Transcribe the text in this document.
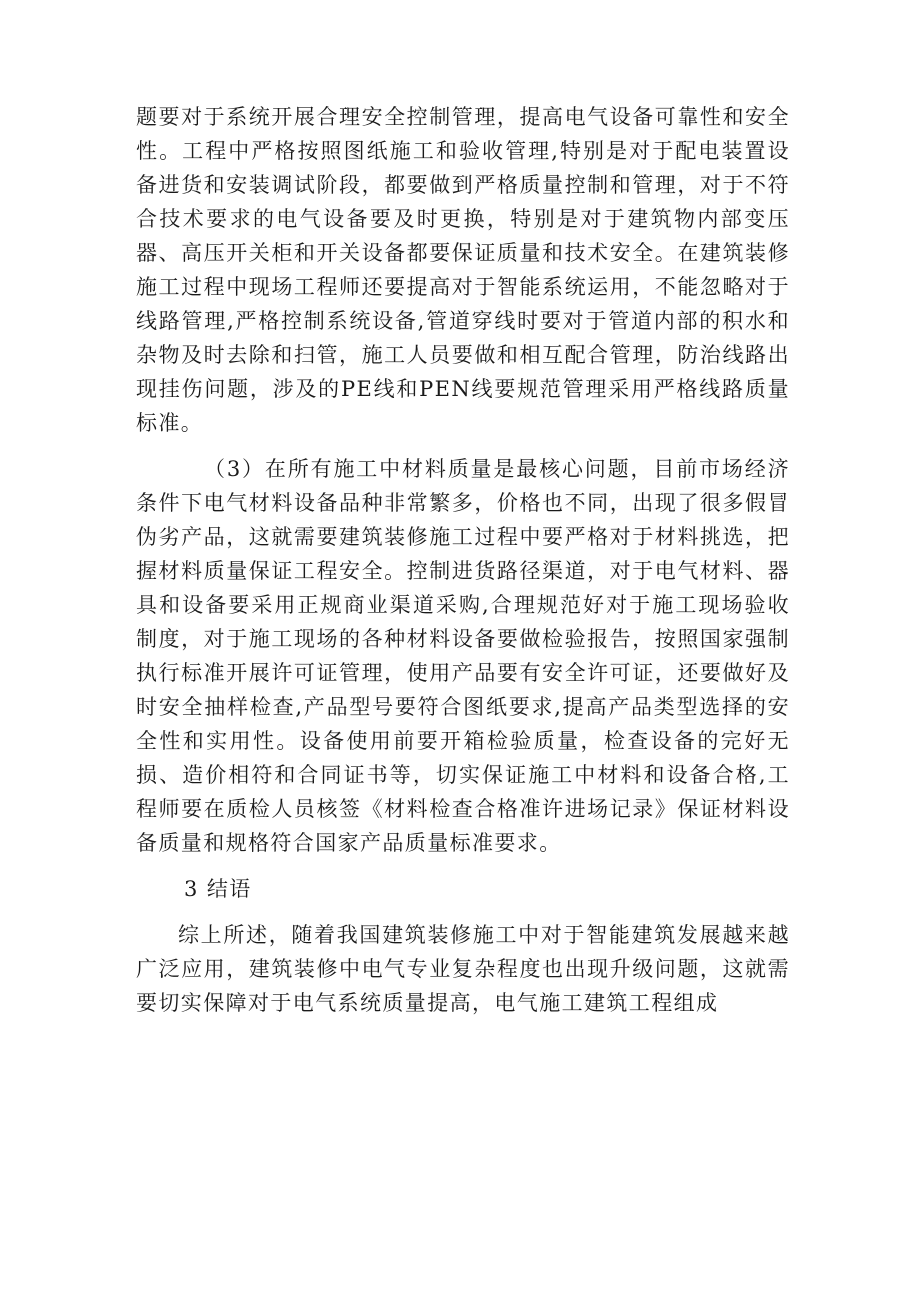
题要对于系统开展合理安全控制管理，提高电气设备可靠性和安全性。工程中严格按照图纸施工和验收管理,特别是对于配电装置设备进货和安装调试阶段，都要做到严格质量控制和管理，对于不符合技术要求的电气设备要及时更换，特别是对于建筑物内部变压器、高压开关柜和开关设备都要保证质量和技术安全。在建筑装修施工过程中现场工程师还要提高对于智能系统运用，不能忽略对于线路管理,严格控制系统设备,管道穿线时要对于管道内部的积水和杂物及时去除和扫管，施工人员要做和相互配合管理，防治线路出现挂伤问题，涉及的PE线和PEN线要规范管理采用严格线路质量标准。

（3）在所有施工中材料质量是最核心问题，目前市场经济条件下电气材料设备品种非常繁多，价格也不同，出现了很多假冒伪劣产品，这就需要建筑装修施工过程中要严格对于材料挑选，把握材料质量保证工程安全。控制进货路径渠道，对于电气材料、器具和设备要采用正规商业渠道采购,合理规范好对于施工现场验收制度，对于施工现场的各种材料设备要做检验报告，按照国家强制执行标准开展许可证管理，使用产品要有安全许可证，还要做好及时安全抽样检查,产品型号要符合图纸要求,提高产品类型选择的安全性和实用性。设备使用前要开箱检验质量，检查设备的完好无损、造价相符和合同证书等，切实保证施工中材料和设备合格,工程师要在质检人员核签《材料检查合格准许进场记录》保证材料设备质量和规格符合国家产品质量标准要求。

3 结语

综上所述，随着我国建筑装修施工中对于智能建筑发展越来越广泛应用，建筑装修中电气专业复杂程度也出现升级问题，这就需要切实保障对于电气系统质量提高，电气施工建筑工程组成
